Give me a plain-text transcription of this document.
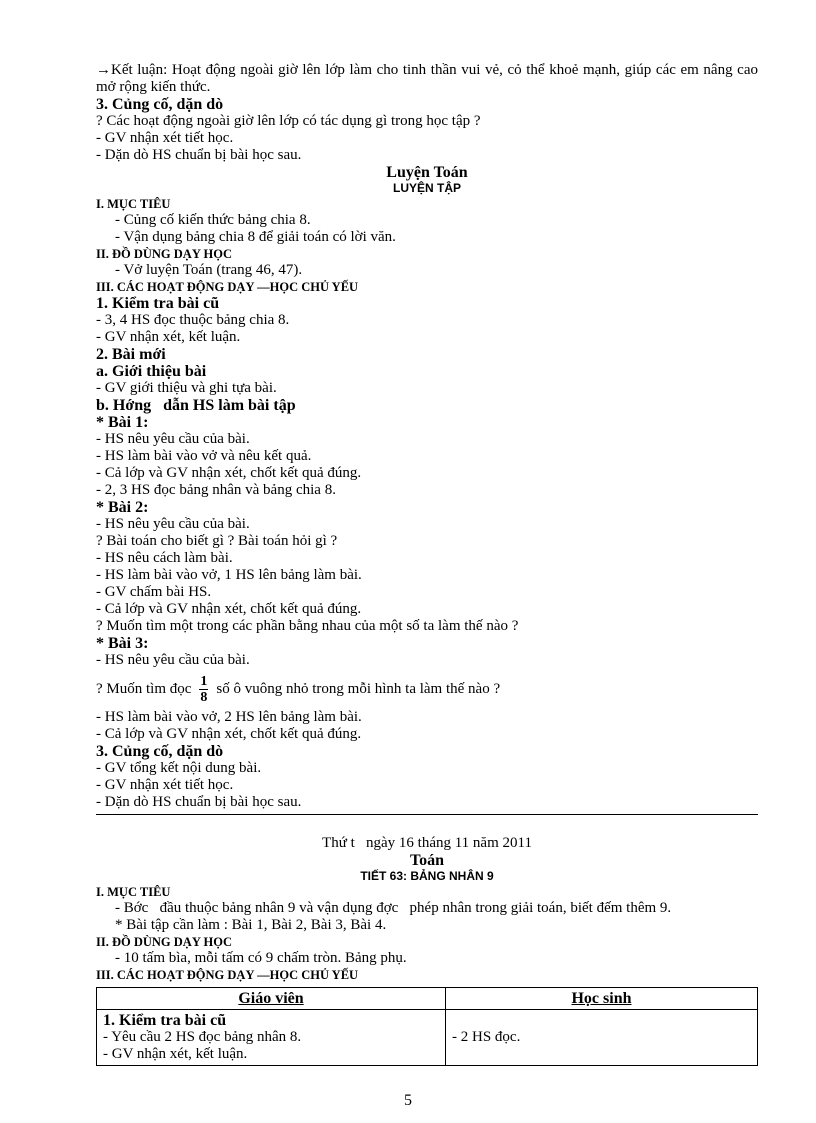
→Kết luận: Hoạt động ngoài giờ lên lớp làm cho tinh thần vui vẻ, cỏ thể khoẻ mạnh, giúp các em nâng cao mở rộng kiến thức.
3. Củng cố, dặn dò
? Các hoạt động ngoài giờ lên lớp có tác dụng gì trong học tập ?
- GV nhận xét tiết học.
- Dặn dò HS chuẩn bị bài học sau.
Luyện Toán
LUYỆN TẬP
I. MỤC TIÊU
- Củng cố kiến thức bảng chia 8.
- Vận dụng bảng chia 8 để giải toán có lời văn.
II. ĐỒ DÙNG DẠY HỌC
- Vở luyện Toán (trang 46, 47).
III. CÁC HOẠT ĐỘNG DẠY —HỌC CHỦ YẾU
1. Kiểm tra bài cũ
- 3, 4 HS đọc thuộc bảng chia 8.
- GV nhận xét, kết luận.
2. Bài mới
a. Giới thiệu bài
- GV giới thiệu và ghi tựa bài.
b. Hớng   dẫn HS làm bài tập
* Bài 1:
- HS nêu yêu cầu của bài.
- HS làm bài vào vở và nêu kết quả.
- Cả lớp và GV nhận xét, chốt kết quả đúng.
- 2, 3 HS đọc bảng nhân và bảng chia 8.
* Bài 2:
- HS nêu yêu cầu của bài.
? Bài toán cho biết gì ? Bài toán hỏi gì ?
- HS nêu cách làm bài.
- HS làm bài vào vở, 1 HS lên bảng làm bài.
- GV chấm bài HS.
- Cả lớp và GV nhận xét, chốt kết quả đúng.
? Muốn tìm một trong các phần bằng nhau của một số ta làm thế nào ?
* Bài 3:
- HS nêu yêu cầu của bài.
? Muốn tìm đọc $\frac{1}{8}$ số ô vuông nhỏ trong mỗi hình ta làm thế nào ?
- HS làm bài vào vở, 2 HS lên bảng làm bài.
- Cả lớp và GV nhận xét, chốt kết quả đúng.
3. Củng cố, dặn dò
- GV tổng kết nội dung bài.
- GV nhận xét tiết học.
- Dặn dò HS chuẩn bị bài học sau.
Thứ t   ngày 16 tháng 11 năm 2011
Toán
TIẾT 63: BẢNG NHÂN 9
I. MỤC TIÊU
- Bớc   đầu thuộc bảng nhân 9 và vận dụng đợc   phép nhân trong giải toán, biết đếm thêm 9.
* Bài tập cần làm : Bài 1, Bài 2, Bài 3, Bài 4.
II. ĐỒ DÙNG DẠY HỌC
- 10 tấm bìa, mỗi tấm có 9 chấm tròn. Bảng phụ.
III. CÁC HOẠT ĐỘNG DẠY —HỌC CHỦ YẾU
Giáo viên	Học sinh

1. Kiểm tra bài cũ
- Yêu cầu 2 HS đọc bảng nhân 8.
- GV nhận xét, kết luận.	- 2 HS đọc.
5
